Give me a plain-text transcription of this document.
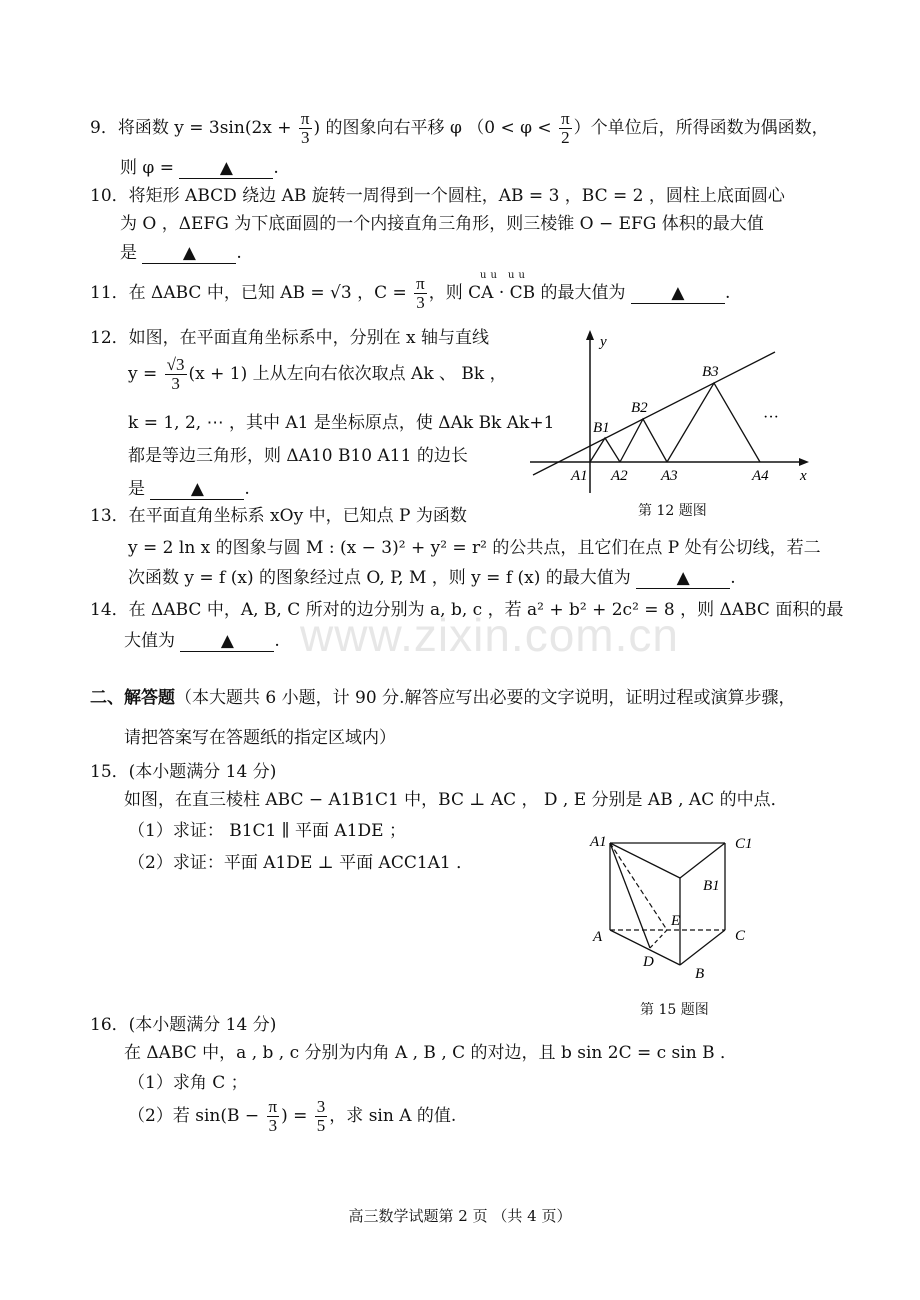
www.zixin.com.cn
9．将函数 $y = 3\sin(2x + \frac{\pi}{3}$ ) 的图象向右平移 φ （$0 < \varphi < \frac{\pi}{2}$ ）个单位后，所得函数为偶函数，
则 φ =	▲ .
10．将矩形 ABCD 绕边 AB 旋转一周得到一个圆柱，AB = 3 ，BC = 2 ，圆柱上底面圆心
为 O ，ΔEFG 为下底面圆的一个内接直角三角形，则三棱锥 O − EFG 体积的最大值
是	▲ .
uu uu
11．在 ΔABC 中，已知 AB = √3 ，$C = \frac{\pi}{3}$ ，则 CA · CB 的最大值为	▲ .
12．如图，在平面直角坐标系中，分别在 x 轴与直线
$y = \frac{√3}{3} (x + 1)$ 上从左向右依次取点 Ak 、 Bk ，
k = 1, 2, ⋯ ，其中 A1 是坐标原点，使 ΔAk Bk Ak+1
都是等边三角形，则 ΔA10 B10 A11 的边长
是	▲ .
y
x
B1
B2
B3
A1 A2 A3	A4
···
第 12 题图
13．在平面直角坐标系 xOy 中，已知点 P 为函数
y = 2 ln x 的图象与圆 M : (x − 3)² + y² = r² 的公共点，且它们在点 P 处有公切线，若二
次函数 y = f (x) 的图象经过点 O, P, M ，则 y = f (x) 的最大值为	▲ .
14．在 ΔABC 中，A, B, C 所对的边分别为 a, b, c ，若 a² + b² + 2c² = 8 ，则 ΔABC 面积的最
大值为	▲ .
二、解答题（本大题共 6 小题，计 90 分.解答应写出必要的文字说明，证明过程或演算步骤，
请把答案写在答题纸的指定区域内）
15．(本小题满分 14 分)
如图，在直三棱柱 ABC − A1B1C1 中，BC ⊥ AC ， D , E 分别是 AB , AC 的中点．
（1）求证： B1C1 ∥ 平面 A1DE ；
（2）求证：平面 A1DE ⊥ 平面 ACC1A1 ．
A1	C1
B1
E
A	C
D
B
第 15 题图
16．(本小题满分 14 分)
在 ΔABC 中，a , b , c 分别为内角 A , B , C 的对边，且 b sin 2C = c sin B ．
（1）求角 C ；
（2）若 $\sin(B - \frac{\pi}{3}$ ) = $\frac{3}{5}$ ，求 sin A 的值.
高三数学试题第 2 页 （共 4 页）
